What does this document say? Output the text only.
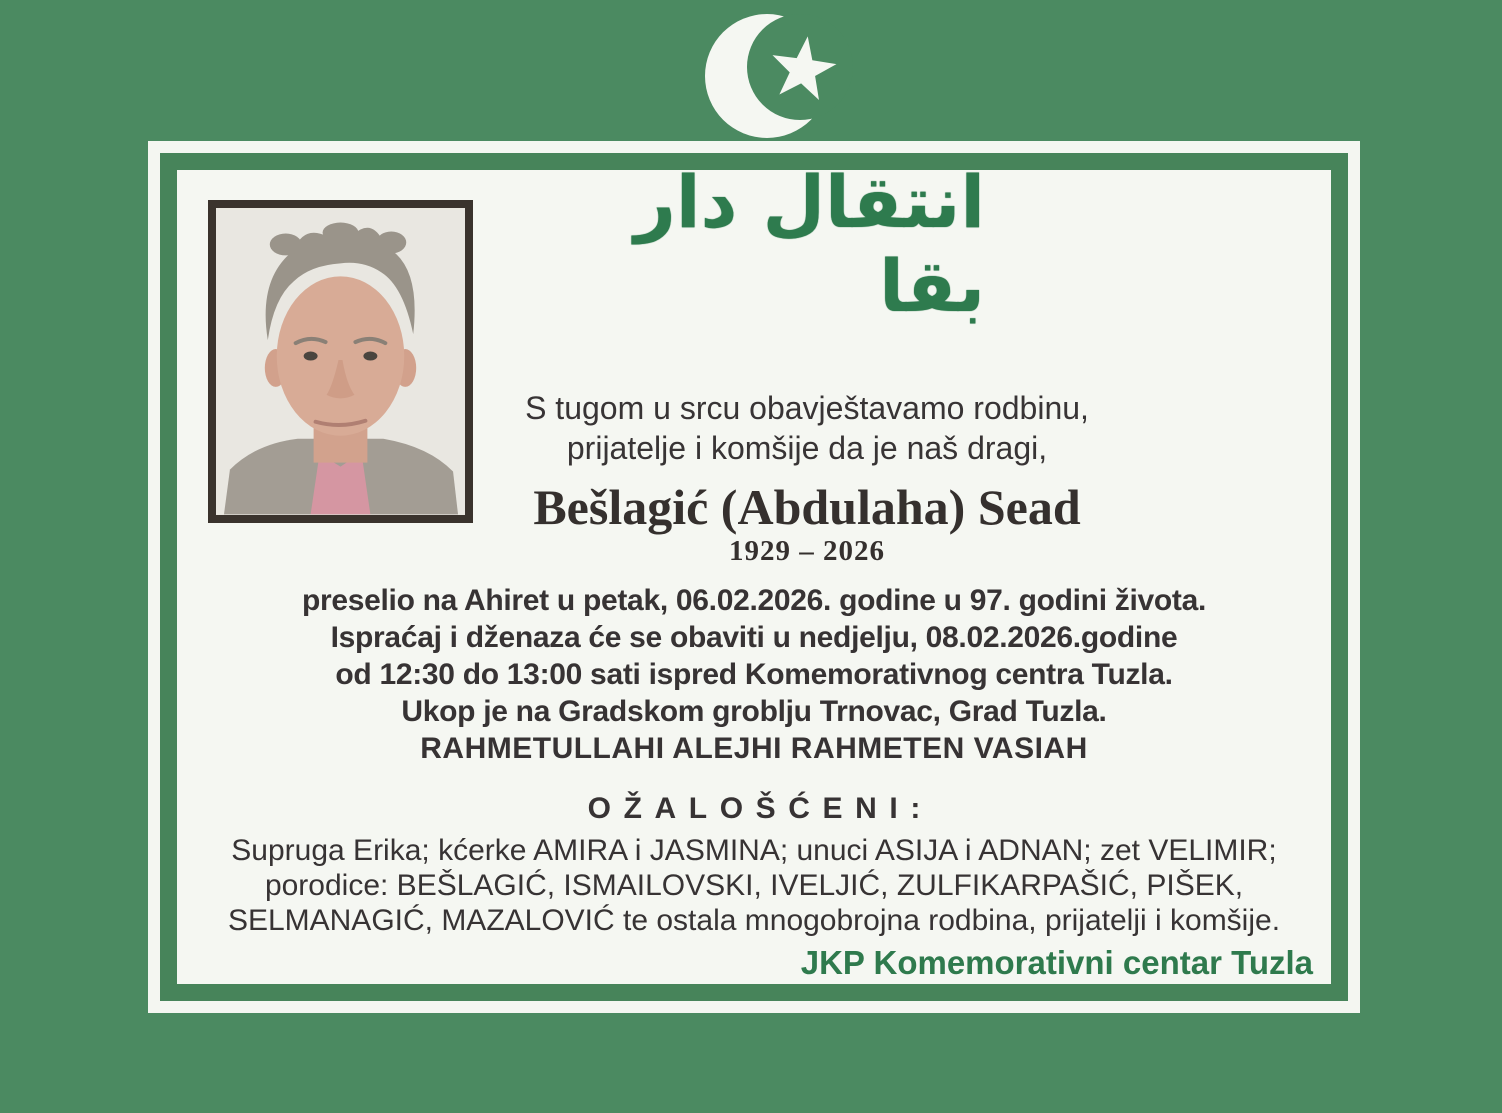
انتقال دار بقا
S tugom u srcu obavještavamo rodbinu,
prijatelje i komšije da je naš dragi,
Bešlagić (Abdulaha) Sead
1929 – 2026
preselio na Ahiret u petak, 06.02.2026. godine u 97. godini života.
Ispraćaj i dženaza će se obaviti u nedjelju, 08.02.2026.godine
od 12:30 do 13:00 sati ispred Komemorativnog centra Tuzla.
Ukop je na Gradskom groblju Trnovac, Grad Tuzla.
RAHMETULLAHI ALEJHI RAHMETEN VASIAH
OŽALOŠĆENI:
Supruga Erika; kćerke AMIRA i JASMINA; unuci ASIJA i ADNAN; zet VELIMIR;
porodice: BEŠLAGIĆ, ISMAILOVSKI, IVELJIĆ, ZULFIKARPAŠIĆ, PIŠEK,
SELMANAGIĆ, MAZALOVIĆ te ostala mnogobrojna rodbina, prijatelji i komšije.
JKP Komemorativni centar Tuzla
